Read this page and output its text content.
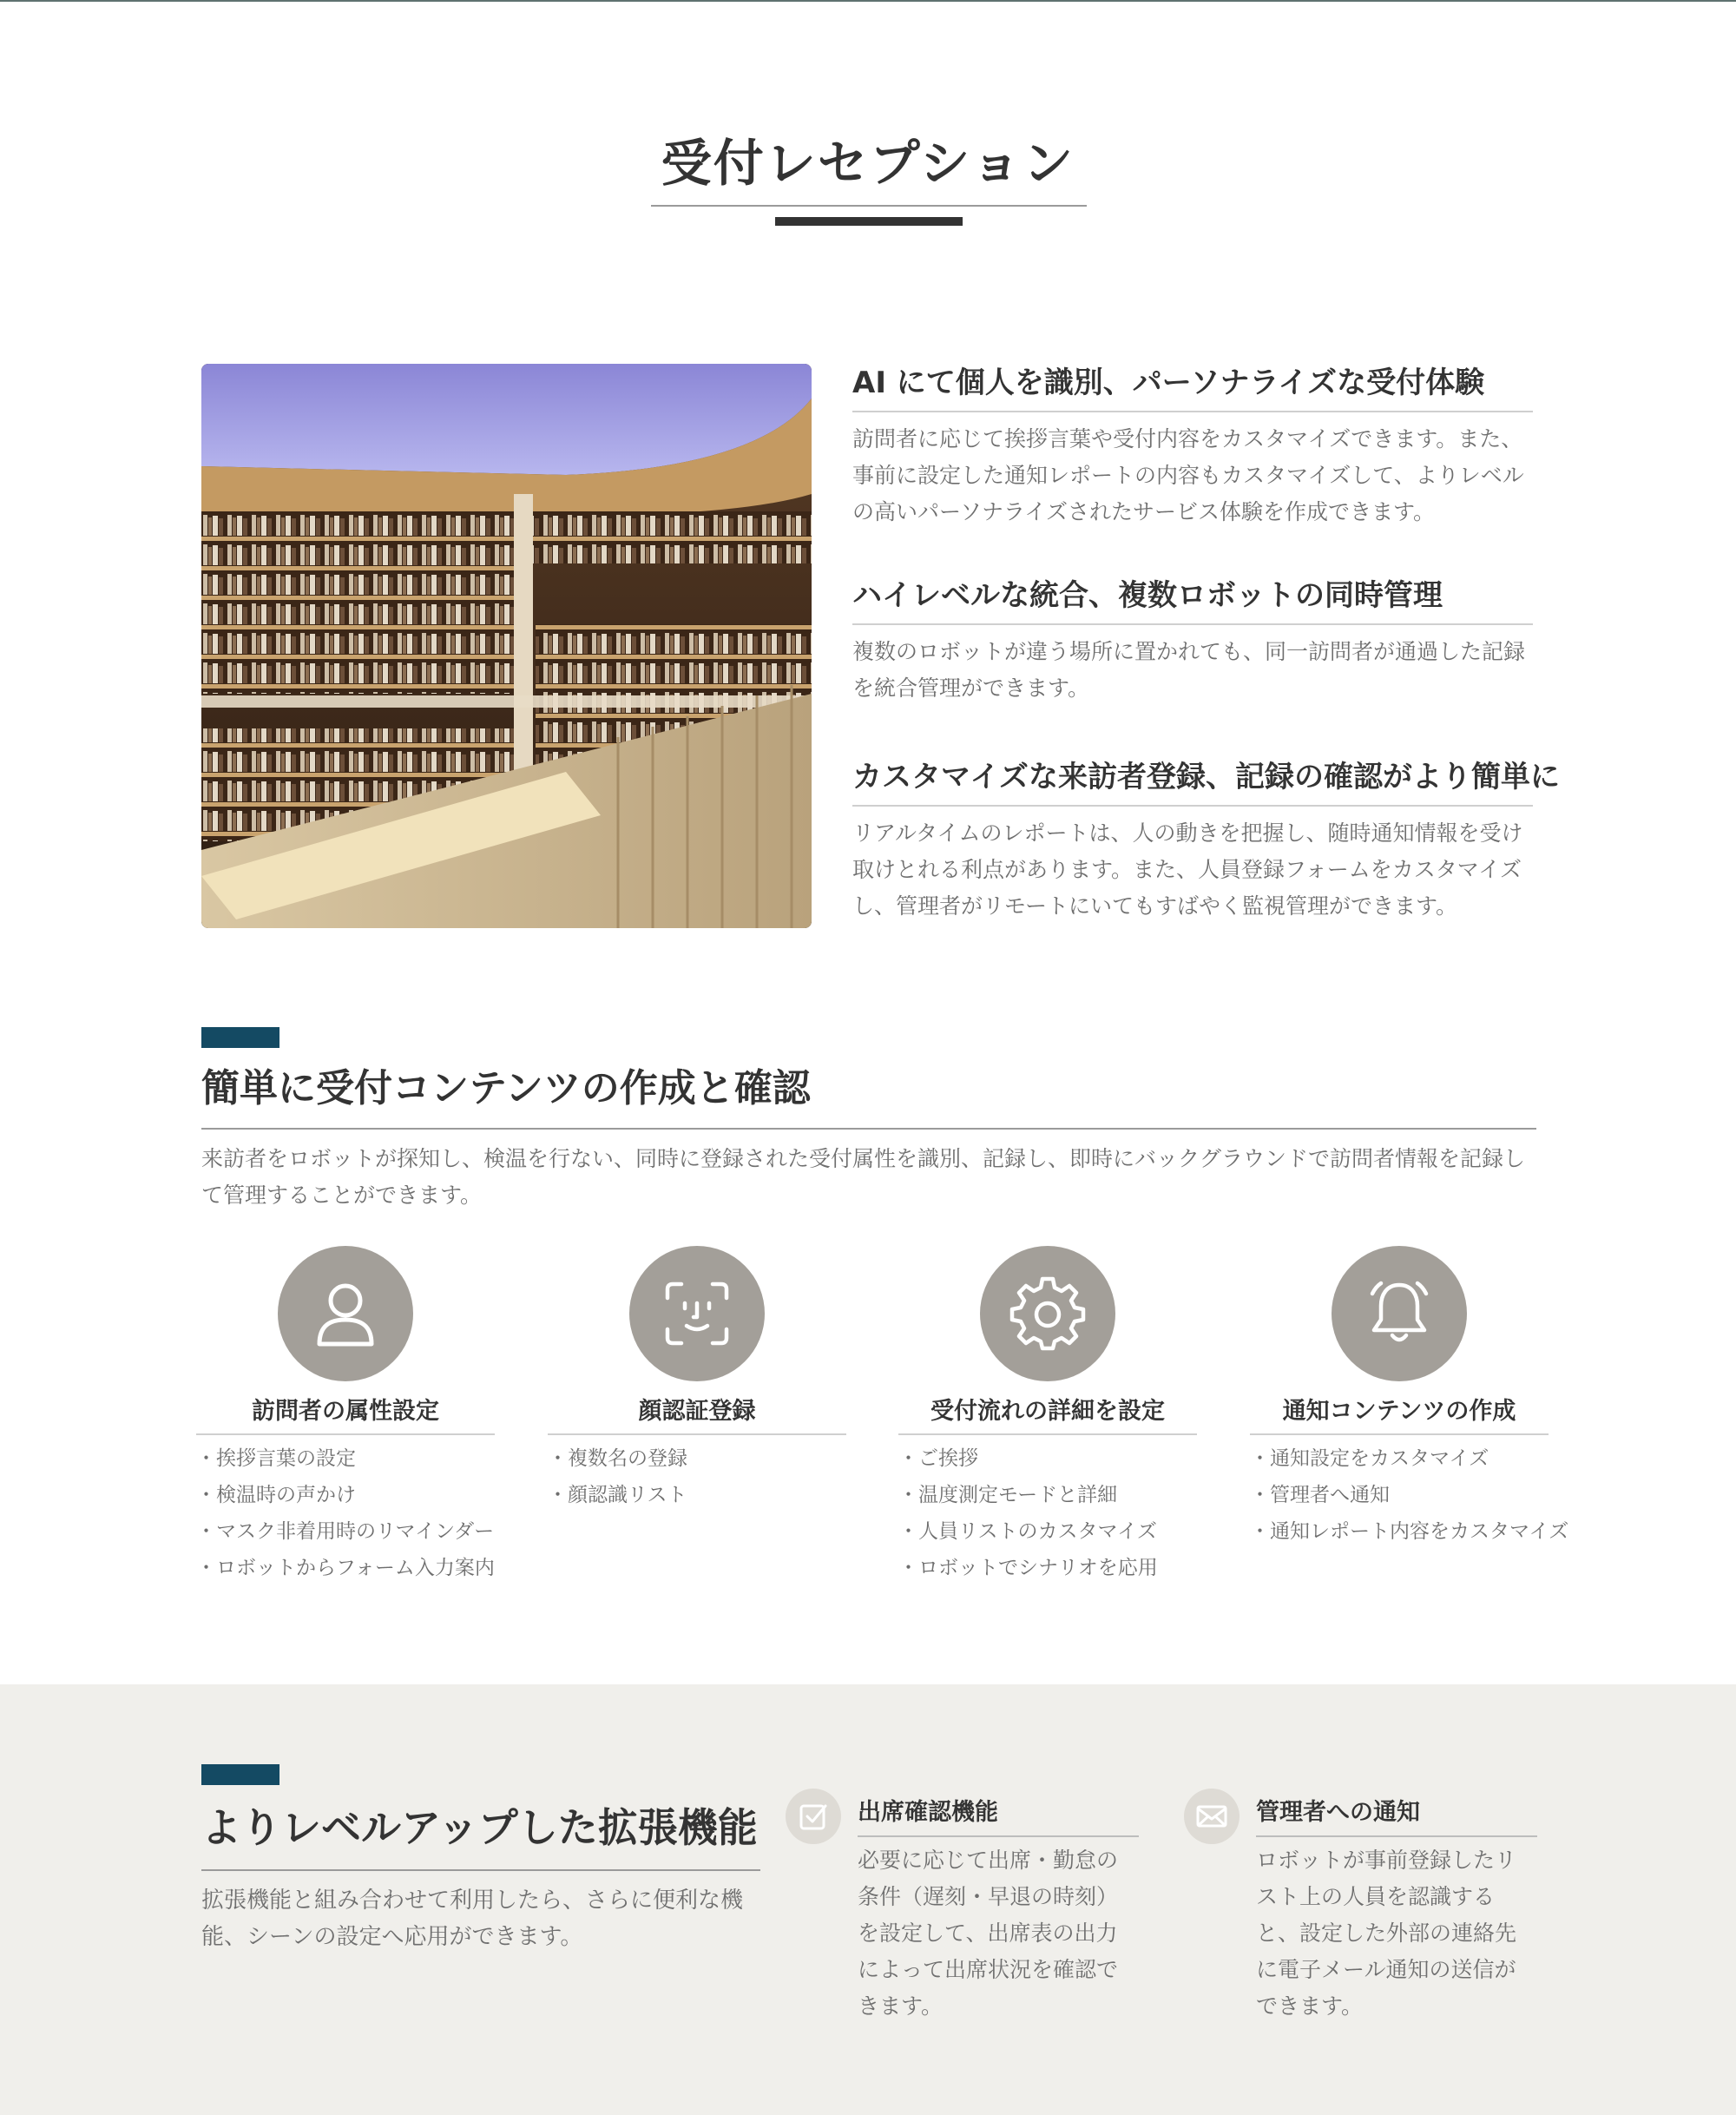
受付レセプション
AI にて個人を識別、パーソナライズな受付体験
訪問者に応じて挨拶言葉や受付内容をカスタマイズできます。また、事前に設定した通知レポートの内容もカスタマイズして、よりレベルの高いパーソナライズされたサービス体験を作成できます。
ハイレベルな統合、複数ロボットの同時管理
複数のロボットが違う場所に置かれても、同一訪問者が通過した記録を統合管理ができます。
カスタマイズな来訪者登録、記録の確認がより簡単に
リアルタイムのレポートは、人の動きを把握し、随時通知情報を受け取けとれる利点があります。また、人員登録フォームをカスタマイズし、管理者がリモートにいてもすばやく監視管理ができます。
簡単に受付コンテンツの作成と確認
来訪者をロボットが探知し、検温を行ない、同時に登録された受付属性を識別、記録し、即時にバックグラウンドで訪問者情報を記録して管理することができます。
訪問者の属性設定
・ 挨拶言葉の設定
・ 検温時の声かけ
・ マスク非着用時のリマインダー
・ ロボットからフォーム入力案内
顔認証登録
・ 複数名の登録
・ 顔認識リスト
受付流れの詳細を設定
・ ご挨拶
・ 温度測定モードと詳細
・ 人員リストのカスタマイズ
・ ロボットでシナリオを応用
通知コンテンツの作成
・ 通知設定をカスタマイズ
・ 管理者へ通知
・ 通知レポート内容をカスタマイズ
よりレベルアップした拡張機能
拡張機能と組み合わせて利用したら、さらに便利な機能、シーンの設定へ応用ができます。
出席確認機能
必要に応じて出席・勤怠の条件（遅刻・早退の時刻）を設定して、出席表の出力によって出席状況を確認できます。
管理者への通知
ロボットが事前登録したリスト上の人員を認識すると、設定した外部の連絡先に電子メール通知の送信ができます。
